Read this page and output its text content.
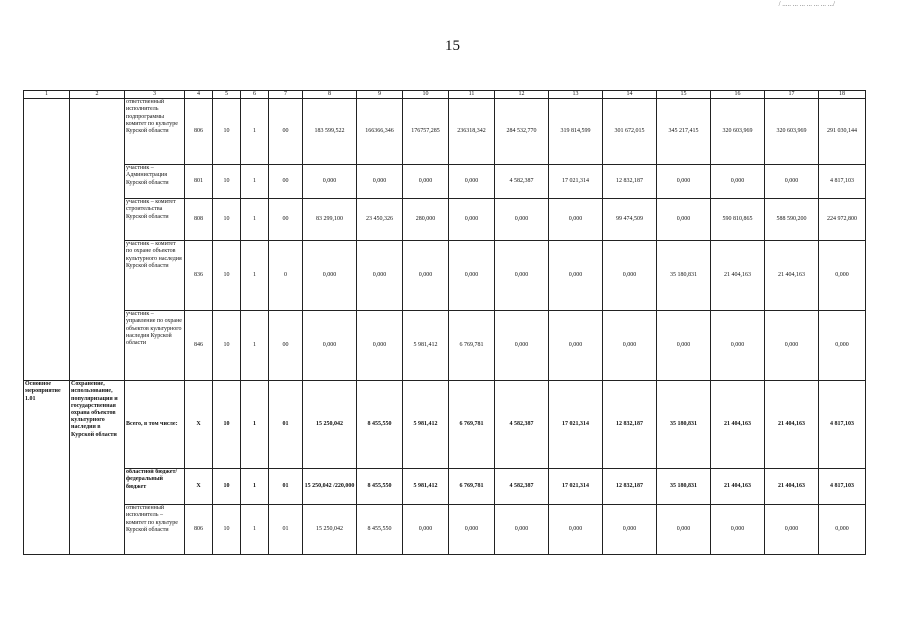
/ ..... ... ... ... ... ... .../
15
1	2	3	4	5	6	7	8	9	10	11	12	13	14	15	16	17	18
		ответственный исполнитель подпрограммы комитет по культуре Курской области	806	10	1	00	183 599,522	166366,346	176757,285	236318,342	284 532,770	319 814,599	301 672,015	345 217,415	320 603,969	320 603,969	291 030,144
		участник – Администрация Курской области	801	10	1	00	0,000	0,000	0,000	0,000	4 582,387	17 021,314	12 832,187	0,000	0,000	0,000	4 817,103
		участник – комитет строительства Курской области	808	10	1	00	83 299,100	23 450,326	280,000	0,000	0,000	0,000	99 474,509	0,000	590 810,865	588 590,200	224 972,800
		участник – комитет по охране объектов культурного наследия Курской области	836	10	1	0	0,000	0,000	0,000	0,000	0,000	0,000	0,000	35 180,831	21 404,163	21 404,163	0,000
		участник – управление по охране объектов культурного наследия Курской области	846	10	1	00	0,000	0,000	5 981,412	6 769,781	0,000	0,000	0,000	0,000	0,000	0,000	0,000
Основное мероприятие 1.01	Сохранение, использование, популяризация и государственная охрана объектов культурного наследия в Курской области	Всего, в том числе:	Х	10	1	01	15 250,042	8 455,550	5 981,412	6 769,781	4 582,387	17 021,314	12 832,187	35 180,831	21 404,163	21 404,163	4 817,103
		областной бюджет/ федеральный бюджет	Х	10	1	01	15 250,042 /220,000	8 455,550	5 981,412	6 769,781	4 582,387	17 021,314	12 832,187	35 180,831	21 404,163	21 404,163	4 817,103
		ответственный исполнитель – комитет по культуре Курской области	806	10	1	01	15 250,042	8 455,550	0,000	0,000	0,000	0,000	0,000	0,000	0,000	0,000	0,000
